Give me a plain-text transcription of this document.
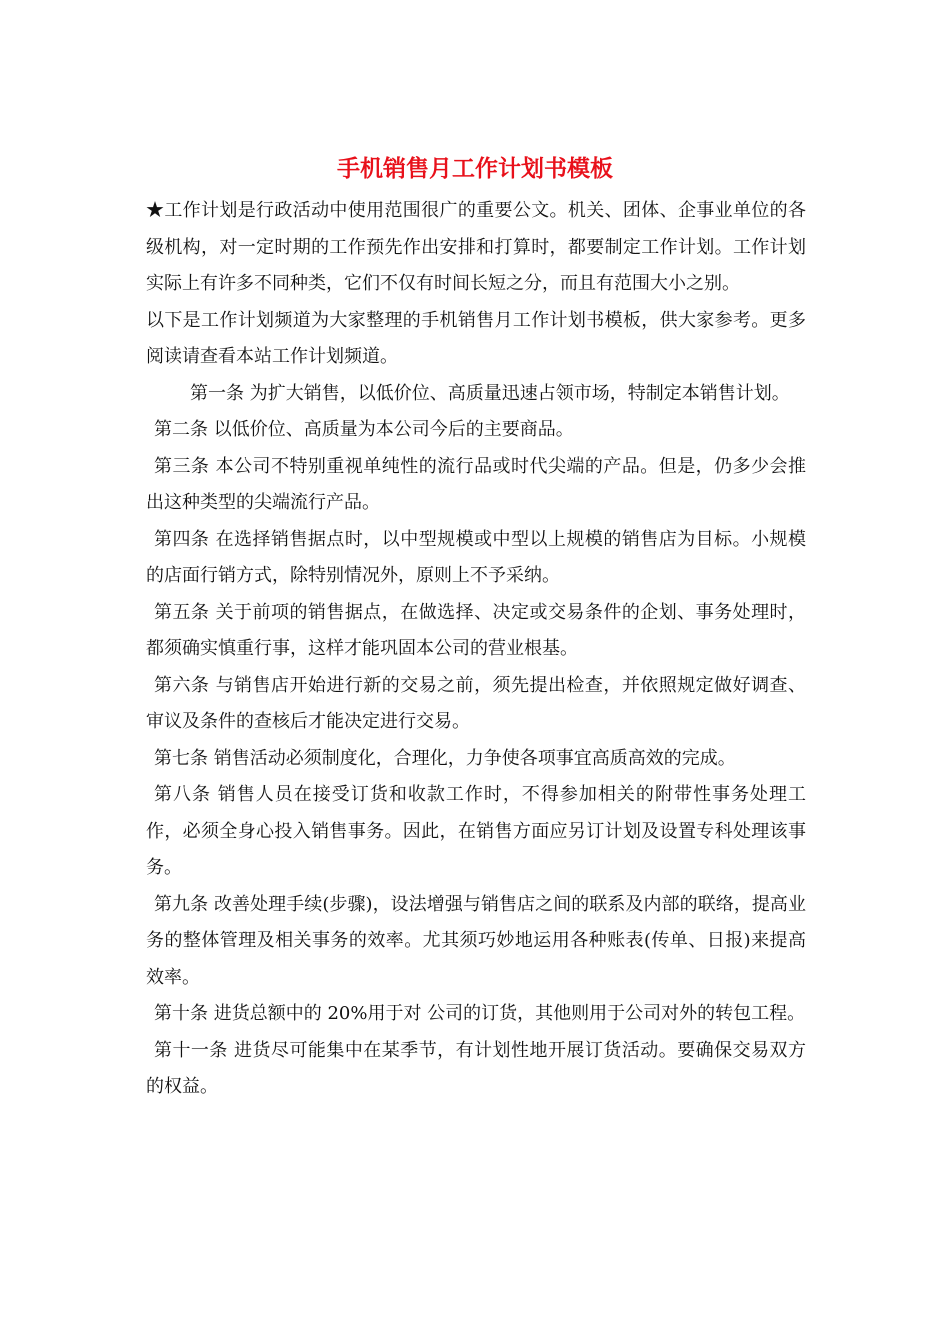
手机销售月工作计划书模板

★工作计划是行政活动中使用范围很广的重要公文。机关、团体、企事业单位的各级机构，对一定时期的工作预先作出安排和打算时，都要制定工作计划。工作计划实际上有许多不同种类，它们不仅有时间长短之分，而且有范围大小之别。

以下是工作计划频道为大家整理的手机销售月工作计划书模板，供大家参考。更多阅读请查看本站工作计划频道。

第一条 为扩大销售，以低价位、高质量迅速占领市场，特制定本销售计划。

第二条 以低价位、高质量为本公司今后的主要商品。

第三条 本公司不特别重视单纯性的流行品或时代尖端的产品。但是，仍多少会推出这种类型的尖端流行产品。

第四条 在选择销售据点时，以中型规模或中型以上规模的销售店为目标。小规模的店面行销方式，除特别情况外，原则上不予采纳。

第五条 关于前项的销售据点，在做选择、决定或交易条件的企划、事务处理时，都须确实慎重行事，这样才能巩固本公司的营业根基。

第六条 与销售店开始进行新的交易之前，须先提出检查，并依照规定做好调查、审议及条件的查核后才能决定进行交易。

第七条 销售活动必须制度化，合理化，力争使各项事宜高质高效的完成。

第八条 销售人员在接受订货和收款工作时，不得参加相关的附带性事务处理工作，必须全身心投入销售事务。因此，在销售方面应另订计划及设置专科处理该事务。

第九条 改善处理手续(步骤)，设法增强与销售店之间的联系及内部的联络，提高业务的整体管理及相关事务的效率。尤其须巧妙地运用各种账表(传单、日报)来提高效率。

第十条 进货总额中的 20%用于对 公司的订货，其他则用于公司对外的转包工程。

第十一条 进货尽可能集中在某季节，有计划性地开展订货活动。要确保交易双方的权益。
